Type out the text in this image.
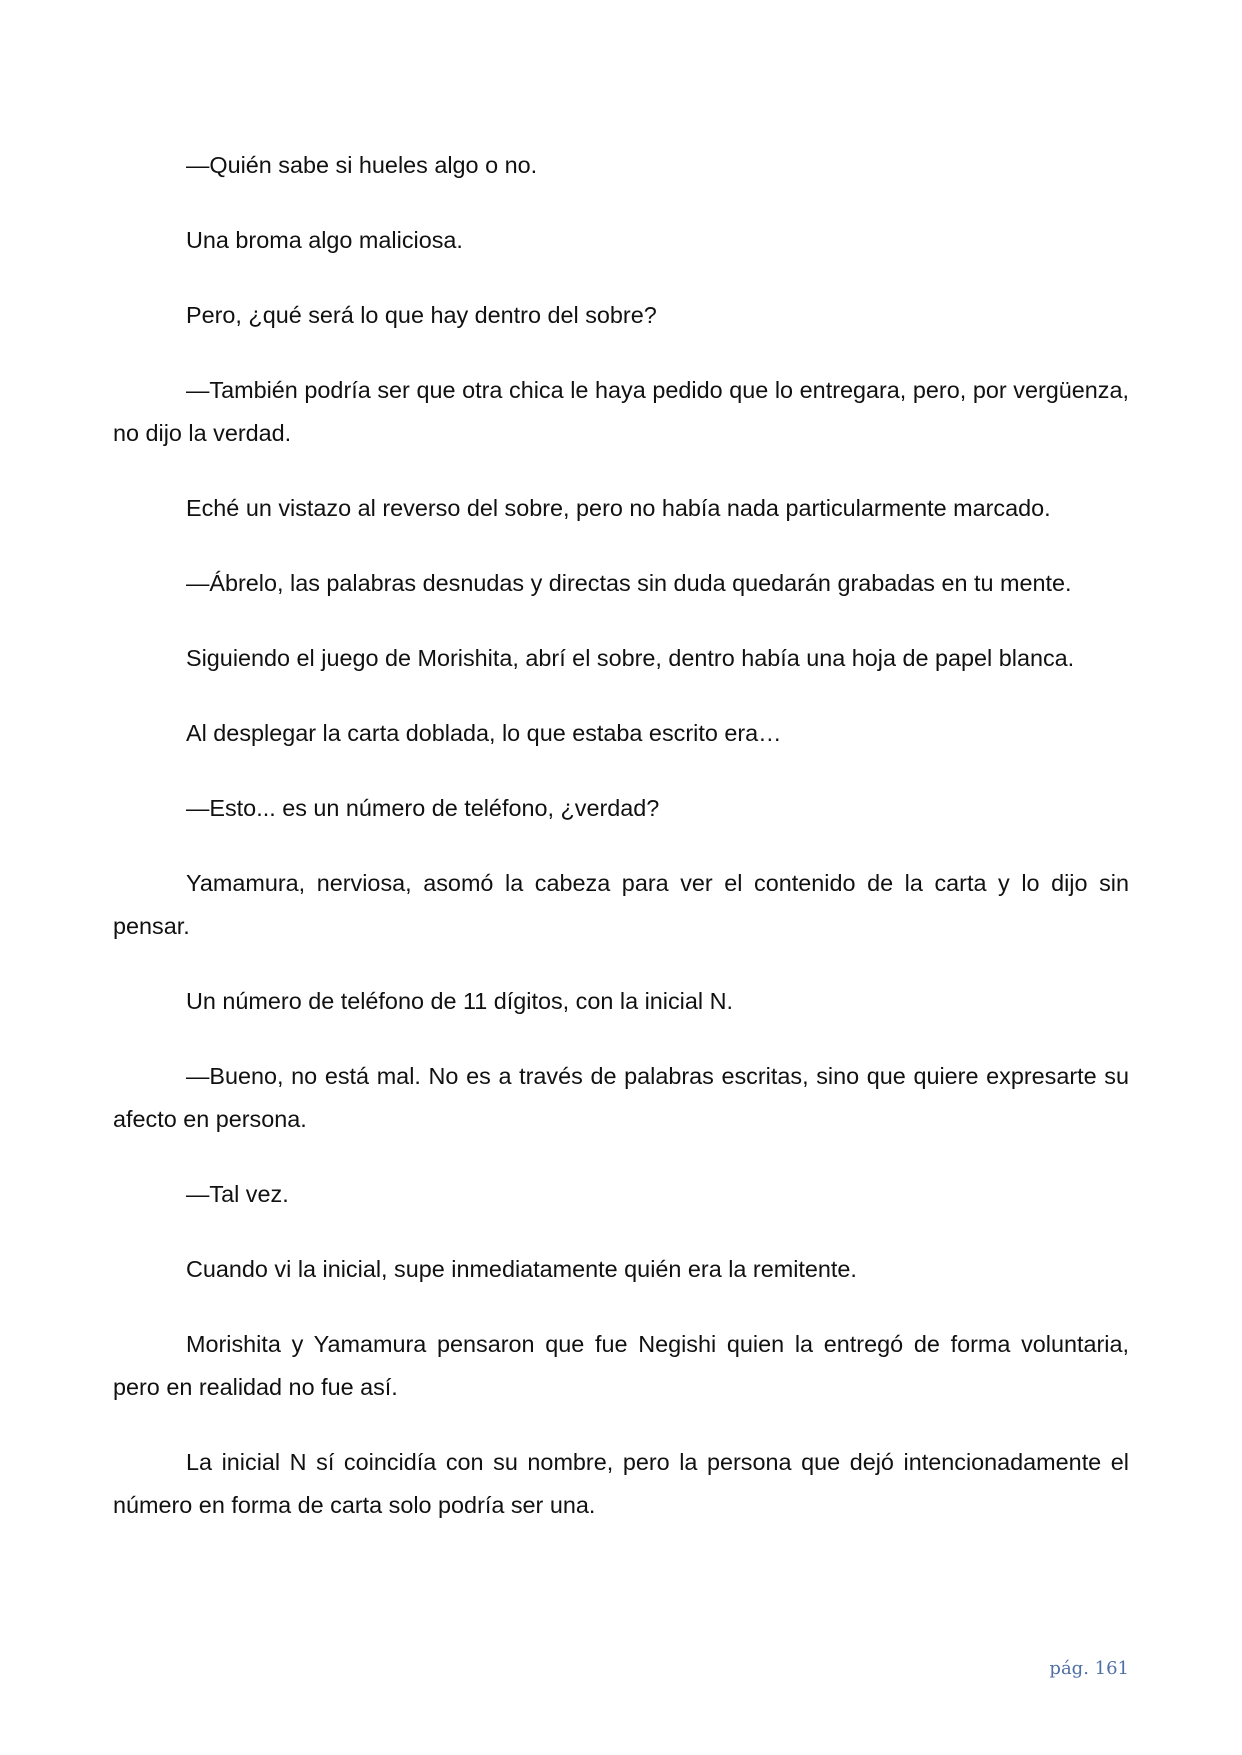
—Quién sabe si hueles algo o no.

Una broma algo maliciosa.

Pero, ¿qué será lo que hay dentro del sobre?

—También podría ser que otra chica le haya pedido que lo entregara, pero, por vergüenza, no dijo la verdad.

Eché un vistazo al reverso del sobre, pero no había nada particularmente marcado.

—Ábrelo, las palabras desnudas y directas sin duda quedarán grabadas en tu mente.

Siguiendo el juego de Morishita, abrí el sobre, dentro había una hoja de papel blanca.

Al desplegar la carta doblada, lo que estaba escrito era…

—Esto... es un número de teléfono, ¿verdad?

Yamamura, nerviosa, asomó la cabeza para ver el contenido de la carta y lo dijo sin pensar.

Un número de teléfono de 11 dígitos, con la inicial N.

—Bueno, no está mal. No es a través de palabras escritas, sino que quiere expresarte su afecto en persona.

—Tal vez.

Cuando vi la inicial, supe inmediatamente quién era la remitente.

Morishita y Yamamura pensaron que fue Negishi quien la entregó de forma voluntaria, pero en realidad no fue así.

La inicial N sí coincidía con su nombre, pero la persona que dejó intencionadamente el número en forma de carta solo podría ser una.

pág. 161
